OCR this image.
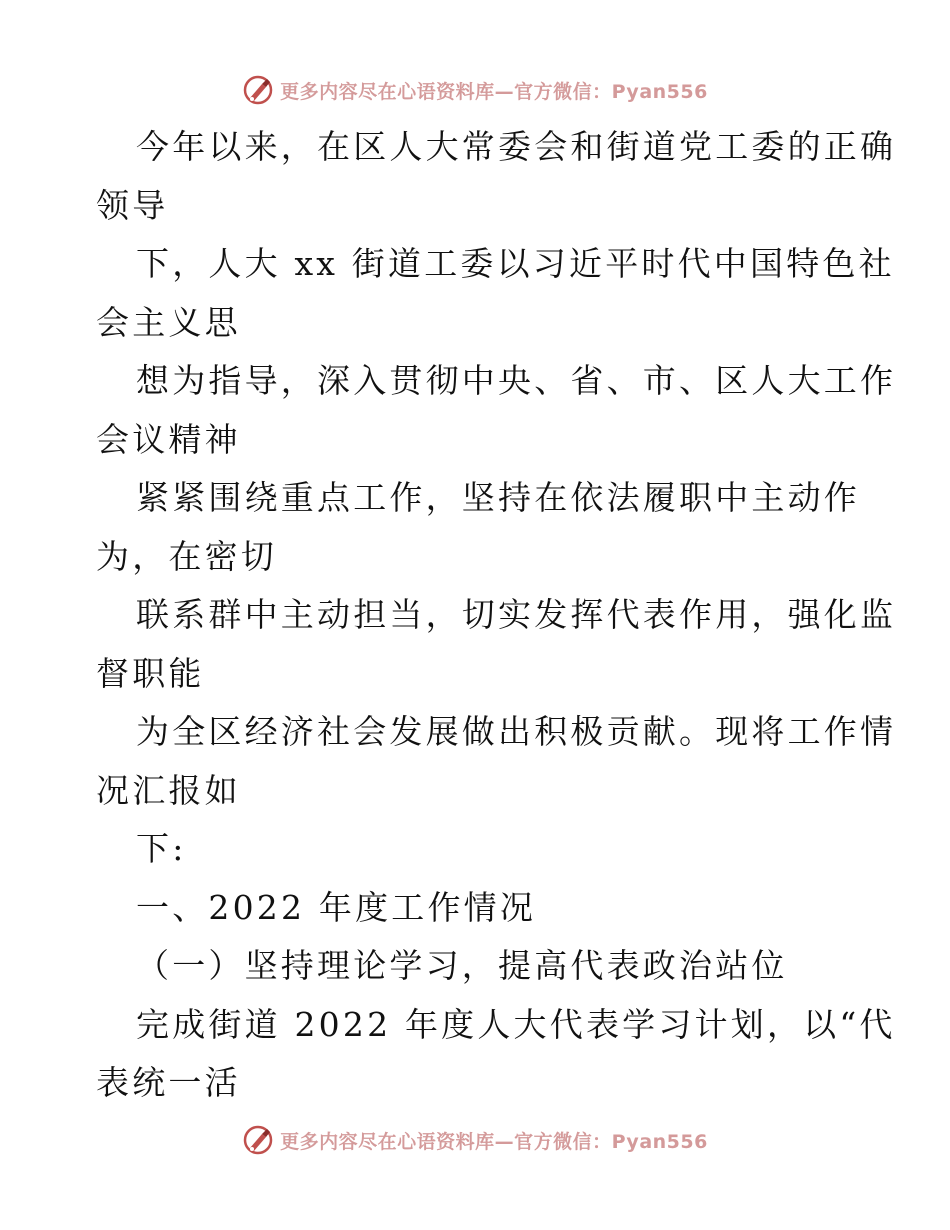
更多内容尽在心语资料库—官方微信：Pyan556
今年以来，在区人大常委会和街道党工委的正确
领导
下，人大 xx 街道工委以习近平时代中国特色社
会主义思
想为指导，深入贯彻中央、省、市、区人大工作
会议精神
紧紧围绕重点工作，坚持在依法履职中主动作
为，在密切
联系群中主动担当，切实发挥代表作用，强化监
督职能
为全区经济社会发展做出积极贡献。现将工作情
况汇报如
下:
一、2022 年度工作情况
（一）坚持理论学习，提高代表政治站位
完成街道 2022 年度人大代表学习计划，以“代
表统一活
更多内容尽在心语资料库—官方微信：Pyan556
